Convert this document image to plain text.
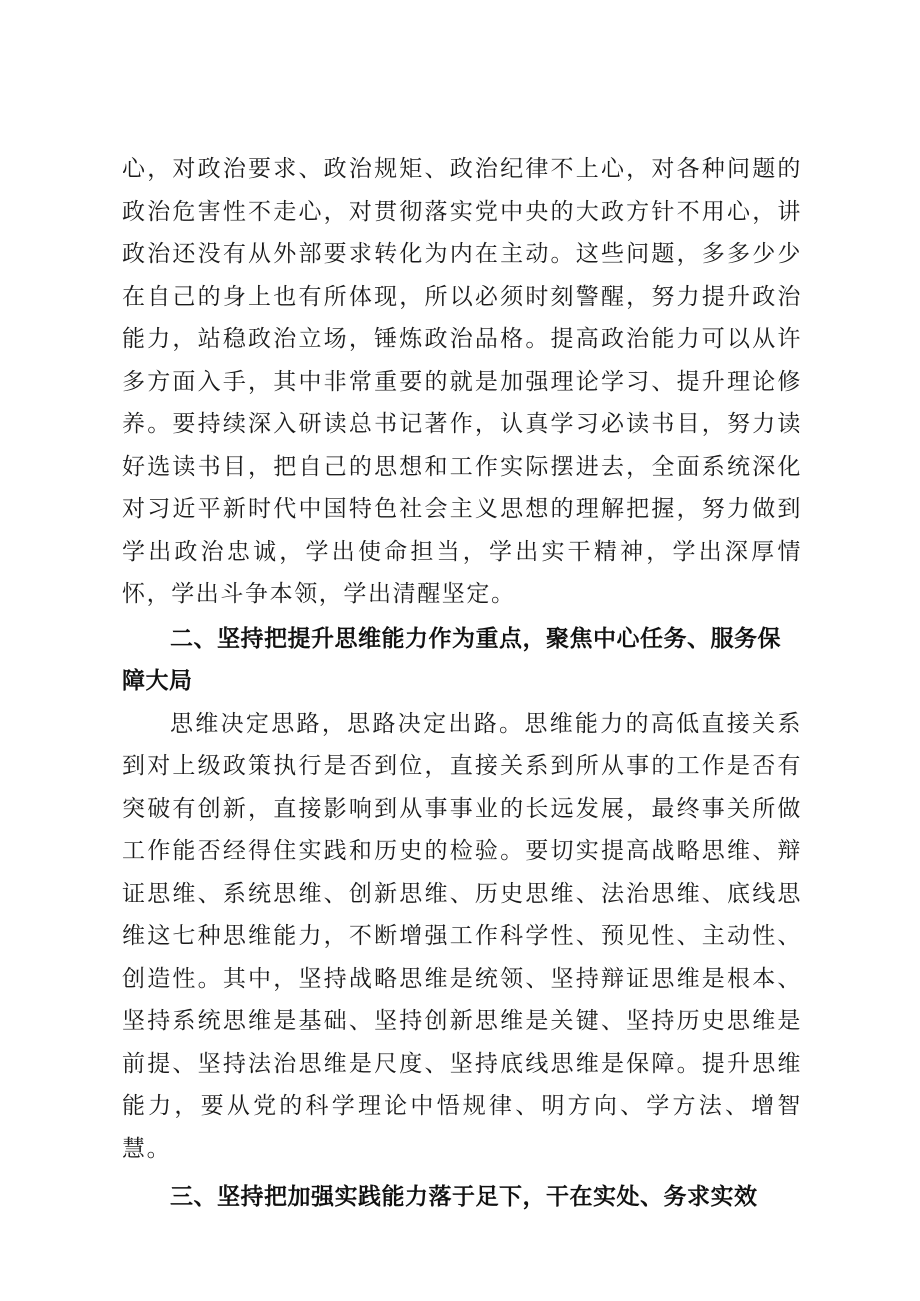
心，对政治要求、政治规矩、政治纪律不上心，对各种问题的政治危害性不走心，对贯彻落实党中央的大政方针不用心，讲政治还没有从外部要求转化为内在主动。这些问题，多多少少在自己的身上也有所体现，所以必须时刻警醒，努力提升政治能力，站稳政治立场，锤炼政治品格。提高政治能力可以从许多方面入手，其中非常重要的就是加强理论学习、提升理论修养。要持续深入研读总书记著作，认真学习必读书目，努力读好选读书目，把自己的思想和工作实际摆进去，全面系统深化对习近平新时代中国特色社会主义思想的理解把握，努力做到学出政治忠诚，学出使命担当，学出实干精神，学出深厚情怀，学出斗争本领，学出清醒坚定。

二、坚持把提升思维能力作为重点，聚焦中心任务、服务保障大局

思维决定思路，思路决定出路。思维能力的高低直接关系到对上级政策执行是否到位，直接关系到所从事的工作是否有突破有创新，直接影响到从事事业的长远发展，最终事关所做工作能否经得住实践和历史的检验。要切实提高战略思维、辩证思维、系统思维、创新思维、历史思维、法治思维、底线思维这七种思维能力，不断增强工作科学性、预见性、主动性、创造性。其中，坚持战略思维是统领、坚持辩证思维是根本、坚持系统思维是基础、坚持创新思维是关键、坚持历史思维是前提、坚持法治思维是尺度、坚持底线思维是保障。提升思维能力，要从党的科学理论中悟规律、明方向、学方法、增智慧。

三、坚持把加强实践能力落于足下，干在实处、务求实效
